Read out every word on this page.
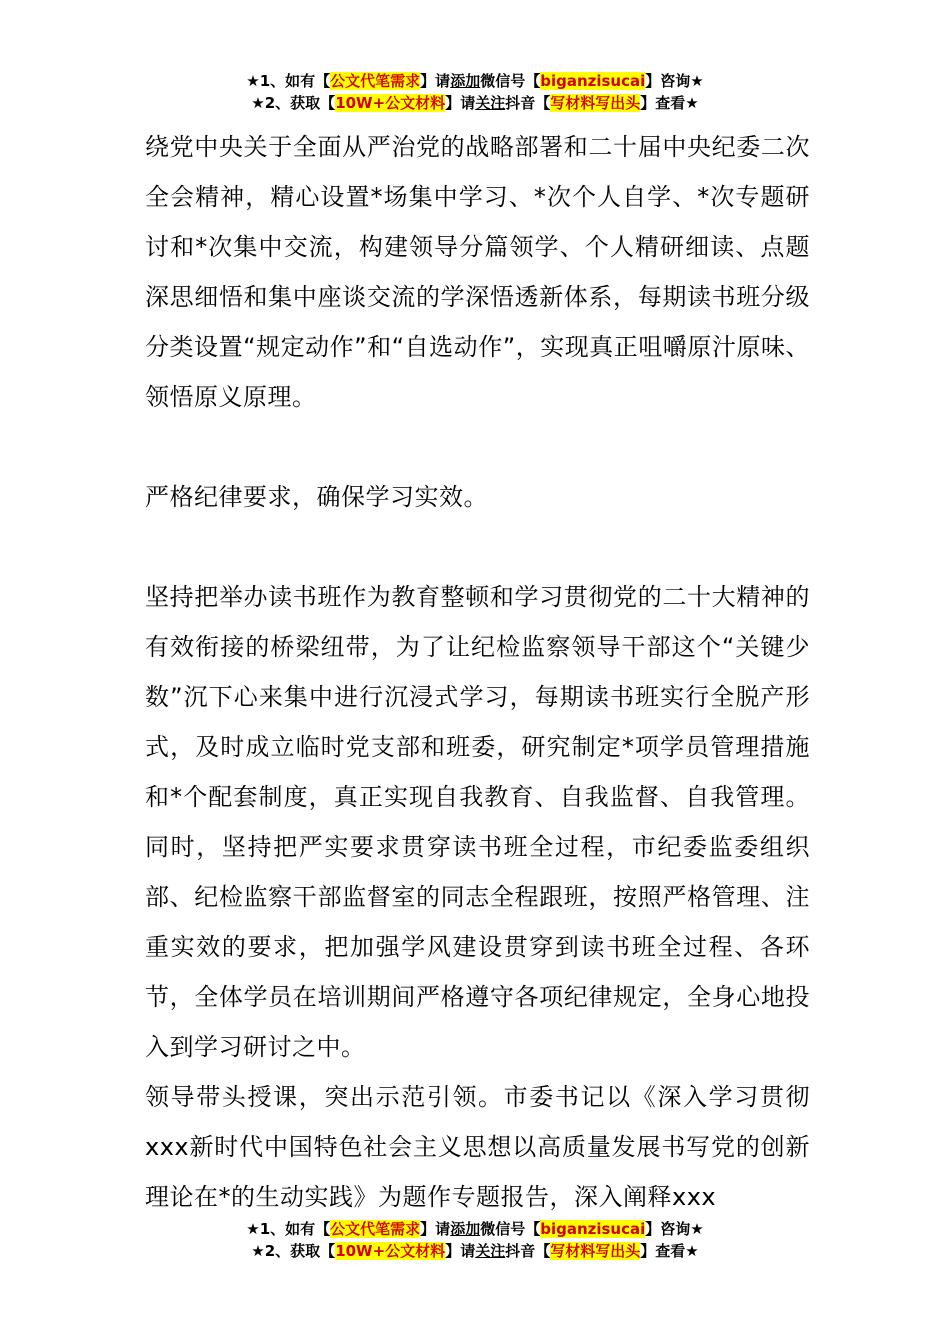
★1、如有【公文代笔需求】请添加微信号【biganzisucai】咨询★
★2、获取【10W+公文材料】请关注抖音【写材料写出头】查看★

绕党中央关于全面从严治党的战略部署和二十届中央纪委二次全会精神，精心设置*场集中学习、*次个人自学、*次专题研讨和*次集中交流，构建领导分篇领学、个人精研细读、点题深思细悟和集中座谈交流的学深悟透新体系，每期读书班分级分类设置“规定动作”和“自选动作”，实现真正咀嚼原汁原味、领悟原义原理。

严格纪律要求，确保学习实效。

坚持把举办读书班作为教育整顿和学习贯彻党的二十大精神的有效衔接的桥梁纽带，为了让纪检监察领导干部这个“关键少数”沉下心来集中进行沉浸式学习，每期读书班实行全脱产形式，及时成立临时党支部和班委，研究制定*项学员管理措施和*个配套制度，真正实现自我教育、自我监督、自我管理。同时，坚持把严实要求贯穿读书班全过程，市纪委监委组织部、纪检监察干部监督室的同志全程跟班，按照严格管理、注重实效的要求，把加强学风建设贯穿到读书班全过程、各环节，全体学员在培训期间严格遵守各项纪律规定，全身心地投入到学习研讨之中。

领导带头授课，突出示范引领。市委书记以《深入学习贯彻xxx新时代中国特色社会主义思想以高质量发展书写党的创新理论在*的生动实践》为题作专题报告，深入阐释xxx

★1、如有【公文代笔需求】请添加微信号【biganzisucai】咨询★
★2、获取【10W+公文材料】请关注抖音【写材料写出头】查看★
